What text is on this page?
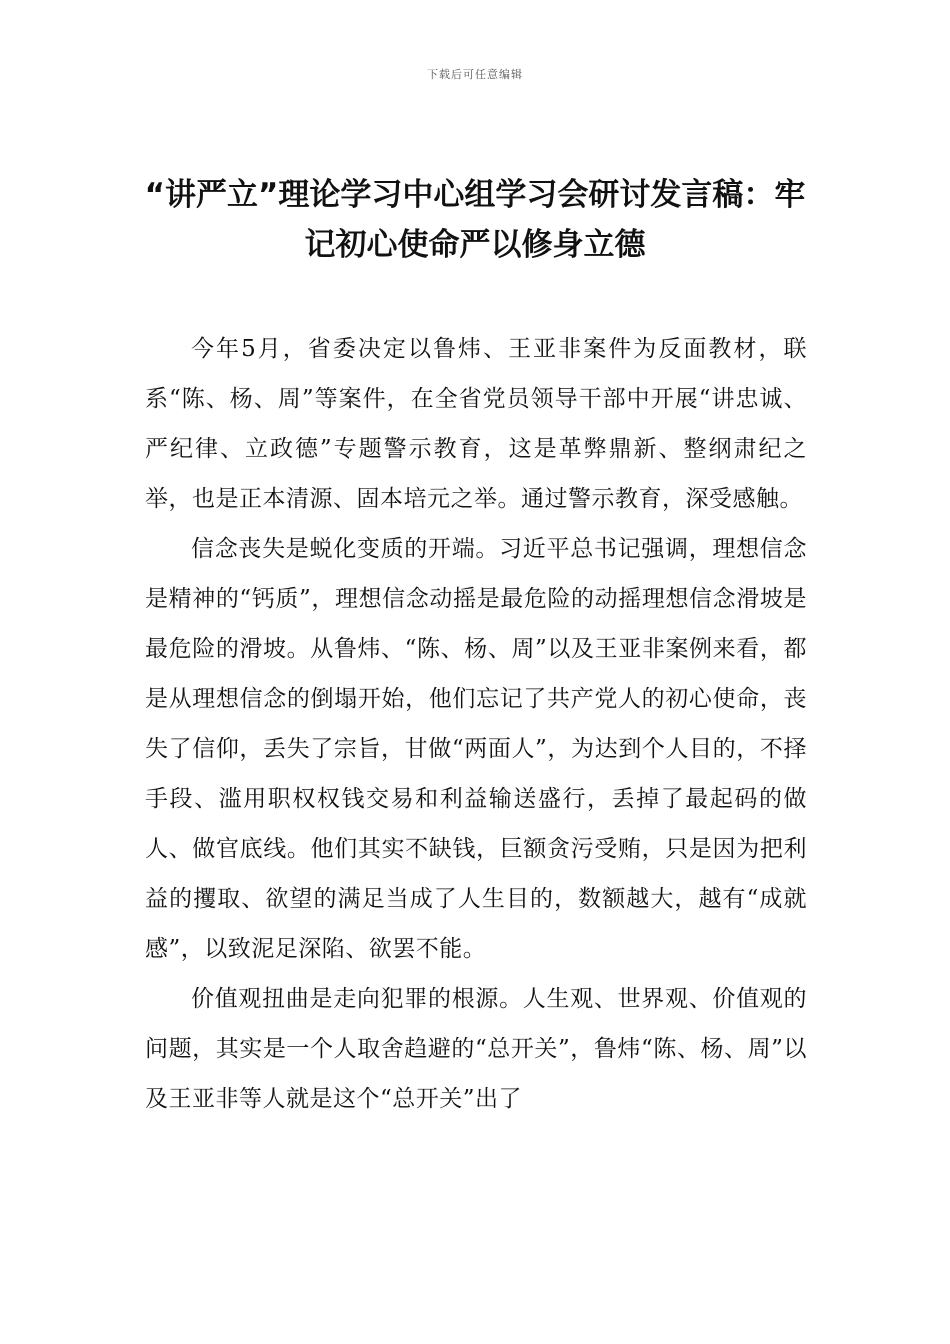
下载后可任意编辑
“讲严立”理论学习中心组学习会研讨发言稿：牢记初心使命严以修身立德

今年5月，省委决定以鲁炜、王亚非案件为反面教材，联系“陈、杨、周”等案件，在全省党员领导干部中开展“讲忠诚、严纪律、立政德”专题警示教育，这是革弊鼎新、整纲肃纪之举，也是正本清源、固本培元之举。通过警示教育，深受感触。

信念丧失是蜕化变质的开端。习近平总书记强调，理想信念是精神的“钙质”，理想信念动摇是最危险的动摇理想信念滑坡是最危险的滑坡。从鲁炜、“陈、杨、周”以及王亚非案例来看，都是从理想信念的倒塌开始，他们忘记了共产党人的初心使命，丧失了信仰，丢失了宗旨，甘做“两面人”，为达到个人目的，不择手段、滥用职权权钱交易和利益输送盛行，丢掉了最起码的做人、做官底线。他们其实不缺钱，巨额贪污受贿，只是因为把利益的攫取、欲望的满足当成了人生目的，数额越大，越有“成就感”，以致泥足深陷、欲罢不能。

价值观扭曲是走向犯罪的根源。人生观、世界观、价值观的问题，其实是一个人取舍趋避的“总开关”，鲁炜“陈、杨、周”以及王亚非等人就是这个“总开关”出了
